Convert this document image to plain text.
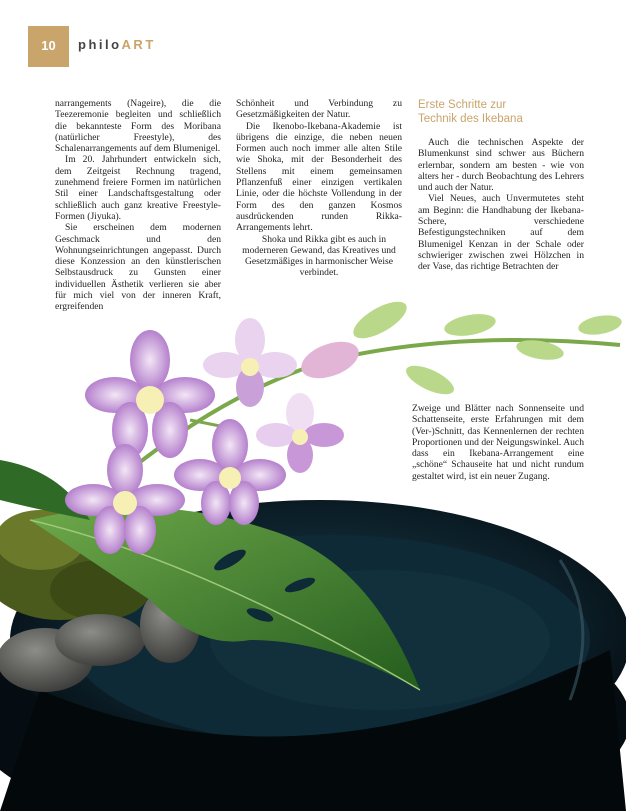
10	philoART

narrangements (Nageire), die die Teezeremonie begleiten und schließlich die bekannteste Form des Moribana (natürlicher Freestyle), des Schalenarrangements auf dem Blumenigel.

Im 20. Jahrhundert entwickeln sich, dem Zeitgeist Rechnung tragend, zunehmend freiere Formen im natürlichen Stil einer Landschaftsgestaltung oder schließlich auch ganz kreative Freestyle-Formen (Jiyuka).

Sie erscheinen dem modernen Geschmack und den Wohnungseinrichtungen angepasst. Durch diese Konzession an den künstlerischen Selbstausdruck zu Gunsten einer individuellen Ästhetik verlieren sie aber für mich viel von der inneren Kraft, ergreifenden

Schönheit und Verbindung zu Gesetzmäßigkeiten der Natur.

Die Ikenobo-Ikebana-Akademie ist übrigens die einzige, die neben neuen Formen auch noch immer alle alten Stile wie Shoka, mit der Besonderheit des Stellens mit einem gemeinsamen Pflanzenfuß einer einzigen vertikalen Linie, oder die höchste Vollendung in der Form des den ganzen Kosmos ausdrückenden runden Rikka-Arrangements lehrt.

Shoka und Rikka gibt es auch in moderneren Gewand, das Kreatives und Gesetzmäßiges in harmonischer Weise verbindet.

Erste Schritte zur
Technik des Ikebana

Auch die technischen Aspekte der Blumenkunst sind schwer aus Büchern erlernbar, sondern am besten - wie von alters her - durch Beobachtung des Lehrers und auch der Natur.

Viel Neues, auch Unvermutetes steht am Beginn: die Handhabung der Ikebana-Schere, verschiedene Befestigungstechniken auf dem Blumenigel Kenzan in der Schale oder schwieriger zwischen zwei Hölzchen in der Vase, das richtige Betrachten der

Zweige und Blätter nach Sonnenseite und Schattenseite, erste Erfahrungen mit dem (Ver-)Schnitt, das Kennenlernen der rechten Proportionen und der Neigungswinkel. Auch dass ein Ikebana-Arrangement eine „schöne“ Schauseite hat und nicht rundum gestaltet wird, ist ein neuer Zugang.
